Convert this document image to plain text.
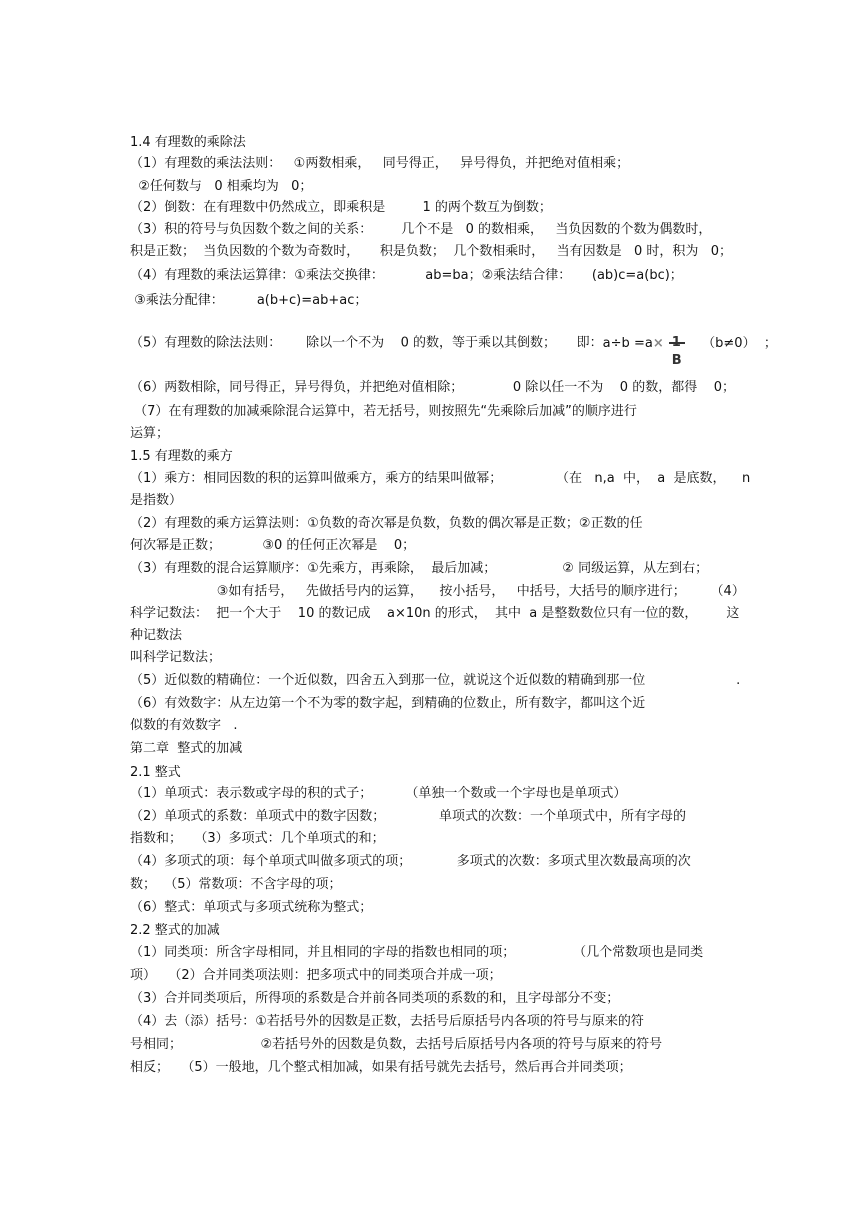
1.4 有理数的乘除法
（1）有理数的乘法法则：   ①两数相乘，   同号得正，   异号得负，并把绝对值相乘；
②任何数与   0 相乘均为   0；
（2）倒数：在有理数中仍然成立，即乘积是         1 的两个数互为倒数；
（3）积的符号与负因数个数之间的关系：       几个不是   0 的数相乘，   当负因数的个数为偶数时，
积是正数；  当负因数的个数为奇数时，     积是负数；  几个数相乘时，   当有因数是   0 时，积为   0；
（4）有理数的乘法运算律：①乘法交换律：          ab=ba；②乘法结合律：     (ab)c=a(bc)；
③乘法分配律：        a(b+c)=ab+ac；
（5）有理数的除法法则：      除以一个不为    0 的数，等于乘以其倒数；     即：a÷b =a×
B
（b≠0）  ；
（6）两数相除，同号得正，异号得负，并把绝对值相除；            0 除以任一不为    0 的数，都得    0；
（7）在有理数的加减乘除混合运算中，若无括号，则按照先“先乘除后加减”的顺序进行
运算；
1.5 有理数的乘方
（1）乘方：相同因数的积的运算叫做乘方，乘方的结果叫做幂；             （在   n,a  中，  a  是底数，    n
是指数）
（2）有理数的乘方运算法则：①负数的奇次幂是负数，负数的偶次幂是正数；②正数的任
何次幂是正数；          ③0 的任何正次幂是    0；
（3）有理数的混合运算顺序：①先乘方，再乘除，  最后加减；                ② 同级运算，从左到右；
③如有括号，   先做括号内的运算，    按小括号，   中括号，大括号的顺序进行；      （4）
科学记数法：  把一个大于    10 的数记成    a×10n 的形式，  其中  a 是整数数位只有一位的数，       这
种记数法
叫科学记数法；
（5）近似数的精确位：一个近似数，四舍五入到那一位，就说这个近似数的精确到那一位                      .
（6）有效数字：从左边第一个不为零的数字起，到精确的位数止，所有数字，都叫这个近
似数的有效数字   .
第二章  整式的加减
2.1 整式
（1）单项式：表示数或字母的积的式子；        （单独一个数或一个字母也是单项式）
（2）单项式的系数：单项式中的数字因数；             单项式的次数：一个单项式中，所有字母的
指数和；   （3）多项式：几个单项式的和；
（4）多项式的项：每个单项式叫做多项式的项；           多项式的次数：多项式里次数最高项的次
数；  （5）常数项：不含字母的项；
（6）整式：单项式与多项式统称为整式；
2.2 整式的加减
（1）同类项：所含字母相同，并且相同的字母的指数也相同的项；              （几个常数项也是同类
项）   （2）合并同类项法则：把多项式中的同类项合并成一项；
（3）合并同类项后，所得项的系数是合并前各同类项的系数的和，且字母部分不变；
（4）去（添）括号：①若括号外的因数是正数，去括号后原括号内各项的符号与原来的符
号相同；                   ②若括号外的因数是负数，去括号后原括号内各项的符号与原来的符号
相反；   （5）一般地，几个整式相加减，如果有括号就先去括号，然后再合并同类项；
